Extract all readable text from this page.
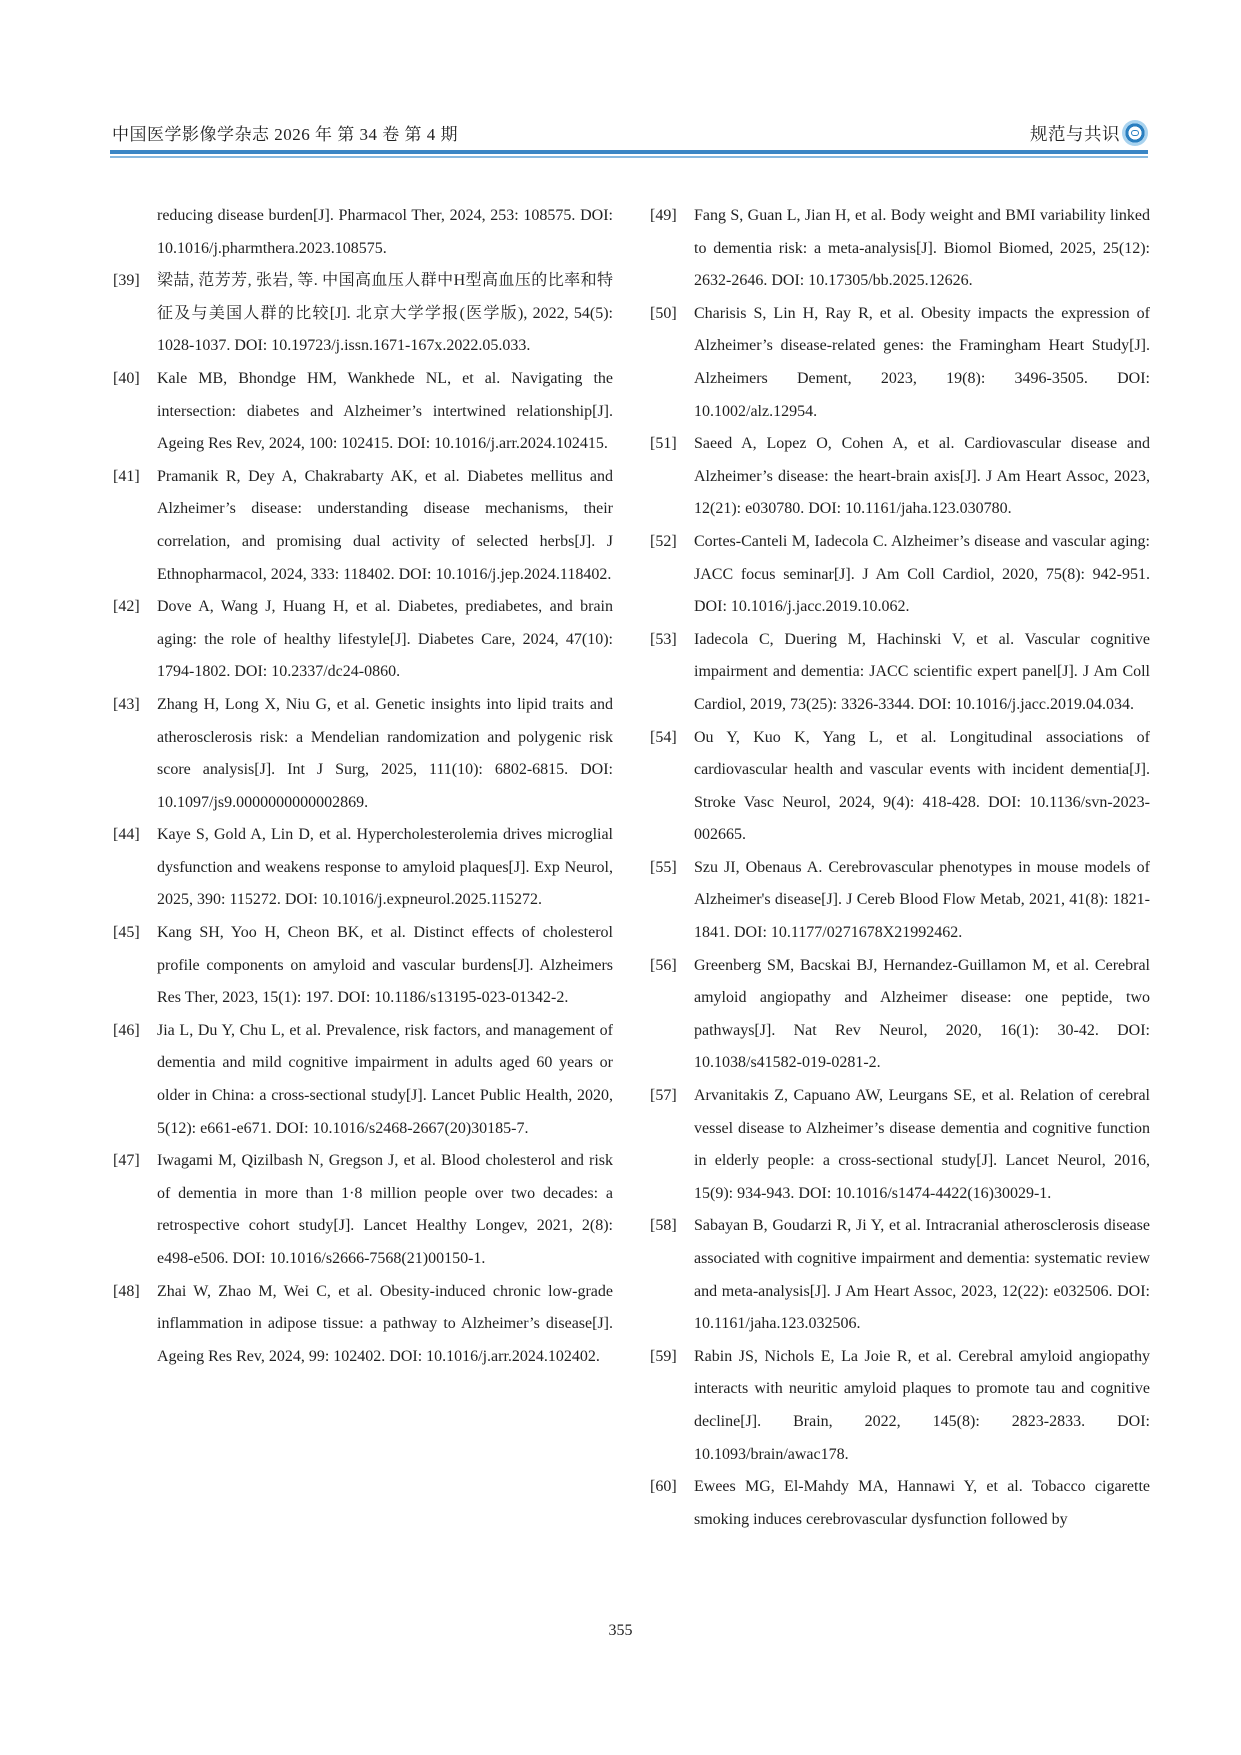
中国医学影像学杂志 2026 年 第 34 卷 第 4 期	规范与共识
reducing disease burden[J]. Pharmacol Ther, 2024, 253: 108575. DOI: 10.1016/j.pharmthera.2023.108575.
[39]	梁喆, 范芳芳, 张岩, 等. 中国高血压人群中H型高血压的比率和特征及与美国人群的比较[J]. 北京大学学报(医学版), 2022, 54(5): 1028-1037. DOI: 10.19723/j.issn.1671-167x.2022.05.033.
[40]	Kale MB, Bhondge HM, Wankhede NL, et al. Navigating the intersection: diabetes and Alzheimer’s intertwined relationship[J]. Ageing Res Rev, 2024, 100: 102415. DOI: 10.1016/j.arr.2024.102415.
[41]	Pramanik R, Dey A, Chakrabarty AK, et al. Diabetes mellitus and Alzheimer’s disease: understanding disease mechanisms, their correlation, and promising dual activity of selected herbs[J]. J Ethnopharmacol, 2024, 333: 118402. DOI: 10.1016/j.jep.2024.118402.
[42]	Dove A, Wang J, Huang H, et al. Diabetes, prediabetes, and brain aging: the role of healthy lifestyle[J]. Diabetes Care, 2024, 47(10): 1794-1802. DOI: 10.2337/dc24-0860.
[43]	Zhang H, Long X, Niu G, et al. Genetic insights into lipid traits and atherosclerosis risk: a Mendelian randomization and polygenic risk score analysis[J]. Int J Surg, 2025, 111(10): 6802-6815. DOI: 10.1097/js9.0000000000002869.
[44]	Kaye S, Gold A, Lin D, et al. Hypercholesterolemia drives microglial dysfunction and weakens response to amyloid plaques[J]. Exp Neurol, 2025, 390: 115272. DOI: 10.1016/j.expneurol.2025.115272.
[45]	Kang SH, Yoo H, Cheon BK, et al. Distinct effects of cholesterol profile components on amyloid and vascular burdens[J]. Alzheimers Res Ther, 2023, 15(1): 197. DOI: 10.1186/s13195-023-01342-2.
[46]	Jia L, Du Y, Chu L, et al. Prevalence, risk factors, and management of dementia and mild cognitive impairment in adults aged 60 years or older in China: a cross-sectional study[J]. Lancet Public Health, 2020, 5(12): e661-e671. DOI: 10.1016/s2468-2667(20)30185-7.
[47]	Iwagami M, Qizilbash N, Gregson J, et al. Blood cholesterol and risk of dementia in more than 1·8 million people over two decades: a retrospective cohort study[J]. Lancet Healthy Longev, 2021, 2(8): e498-e506. DOI: 10.1016/s2666-7568(21)00150-1.
[48]	Zhai W, Zhao M, Wei C, et al. Obesity-induced chronic low-grade inflammation in adipose tissue: a pathway to Alzheimer’s disease[J]. Ageing Res Rev, 2024, 99: 102402. DOI: 10.1016/j.arr.2024.102402.
[49]	Fang S, Guan L, Jian H, et al. Body weight and BMI variability linked to dementia risk: a meta-analysis[J]. Biomol Biomed, 2025, 25(12): 2632-2646. DOI: 10.17305/bb.2025.12626.
[50]	Charisis S, Lin H, Ray R, et al. Obesity impacts the expression of Alzheimer’s disease-related genes: the Framingham Heart Study[J]. Alzheimers Dement, 2023, 19(8): 3496-3505. DOI: 10.1002/alz.12954.
[51]	Saeed A, Lopez O, Cohen A, et al. Cardiovascular disease and Alzheimer’s disease: the heart-brain axis[J]. J Am Heart Assoc, 2023, 12(21): e030780. DOI: 10.1161/jaha.123.030780.
[52]	Cortes-Canteli M, Iadecola C. Alzheimer’s disease and vascular aging: JACC focus seminar[J]. J Am Coll Cardiol, 2020, 75(8): 942-951. DOI: 10.1016/j.jacc.2019.10.062.
[53]	Iadecola C, Duering M, Hachinski V, et al. Vascular cognitive impairment and dementia: JACC scientific expert panel[J]. J Am Coll Cardiol, 2019, 73(25): 3326-3344. DOI: 10.1016/j.jacc.2019.04.034.
[54]	Ou Y, Kuo K, Yang L, et al. Longitudinal associations of cardiovascular health and vascular events with incident dementia[J]. Stroke Vasc Neurol, 2024, 9(4): 418-428. DOI: 10.1136/svn-2023-002665.
[55]	Szu JI, Obenaus A. Cerebrovascular phenotypes in mouse models of Alzheimer's disease[J]. J Cereb Blood Flow Metab, 2021, 41(8): 1821-1841. DOI: 10.1177/0271678X21992462.
[56]	Greenberg SM, Bacskai BJ, Hernandez-Guillamon M, et al. Cerebral amyloid angiopathy and Alzheimer disease: one peptide, two pathways[J]. Nat Rev Neurol, 2020, 16(1): 30-42. DOI: 10.1038/s41582-019-0281-2.
[57]	Arvanitakis Z, Capuano AW, Leurgans SE, et al. Relation of cerebral vessel disease to Alzheimer’s disease dementia and cognitive function in elderly people: a cross-sectional study[J]. Lancet Neurol, 2016, 15(9): 934-943. DOI: 10.1016/s1474-4422(16)30029-1.
[58]	Sabayan B, Goudarzi R, Ji Y, et al. Intracranial atherosclerosis disease associated with cognitive impairment and dementia: systematic review and meta-analysis[J]. J Am Heart Assoc, 2023, 12(22): e032506. DOI: 10.1161/jaha.123.032506.
[59]	Rabin JS, Nichols E, La Joie R, et al. Cerebral amyloid angiopathy interacts with neuritic amyloid plaques to promote tau and cognitive decline[J]. Brain, 2022, 145(8): 2823-2833. DOI: 10.1093/brain/awac178.
[60]	Ewees MG, El-Mahdy MA, Hannawi Y, et al. Tobacco cigarette smoking induces cerebrovascular dysfunction followed by
355
